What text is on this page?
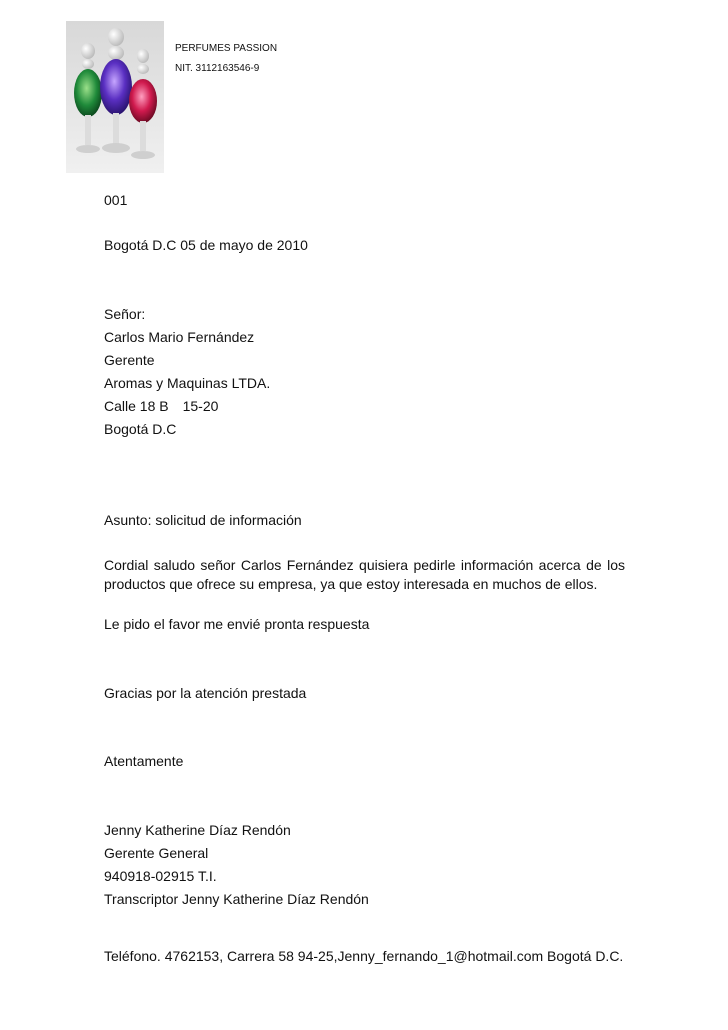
PERFUMES PASSION
NIT. 3112163546-9
001
Bogotá D.C 05 de mayo de 2010
Señor:
Carlos Mario Fernández
Gerente
Aromas y Maquinas LTDA.
Calle 18 B 15-20
Bogotá D.C
Asunto: solicitud de información
Cordial saludo señor Carlos Fernández quisiera pedirle información acerca de los productos que ofrece su empresa, ya que estoy interesada en muchos de ellos.
Le pido el favor me envié pronta respuesta
Gracias por la atención prestada
Atentamente
Jenny Katherine Díaz Rendón
Gerente General
940918-02915 T.I.
Transcriptor Jenny Katherine Díaz Rendón
Teléfono. 4762153, Carrera 58 94-25,Jenny_fernando_1@hotmail.com Bogotá D.C.
